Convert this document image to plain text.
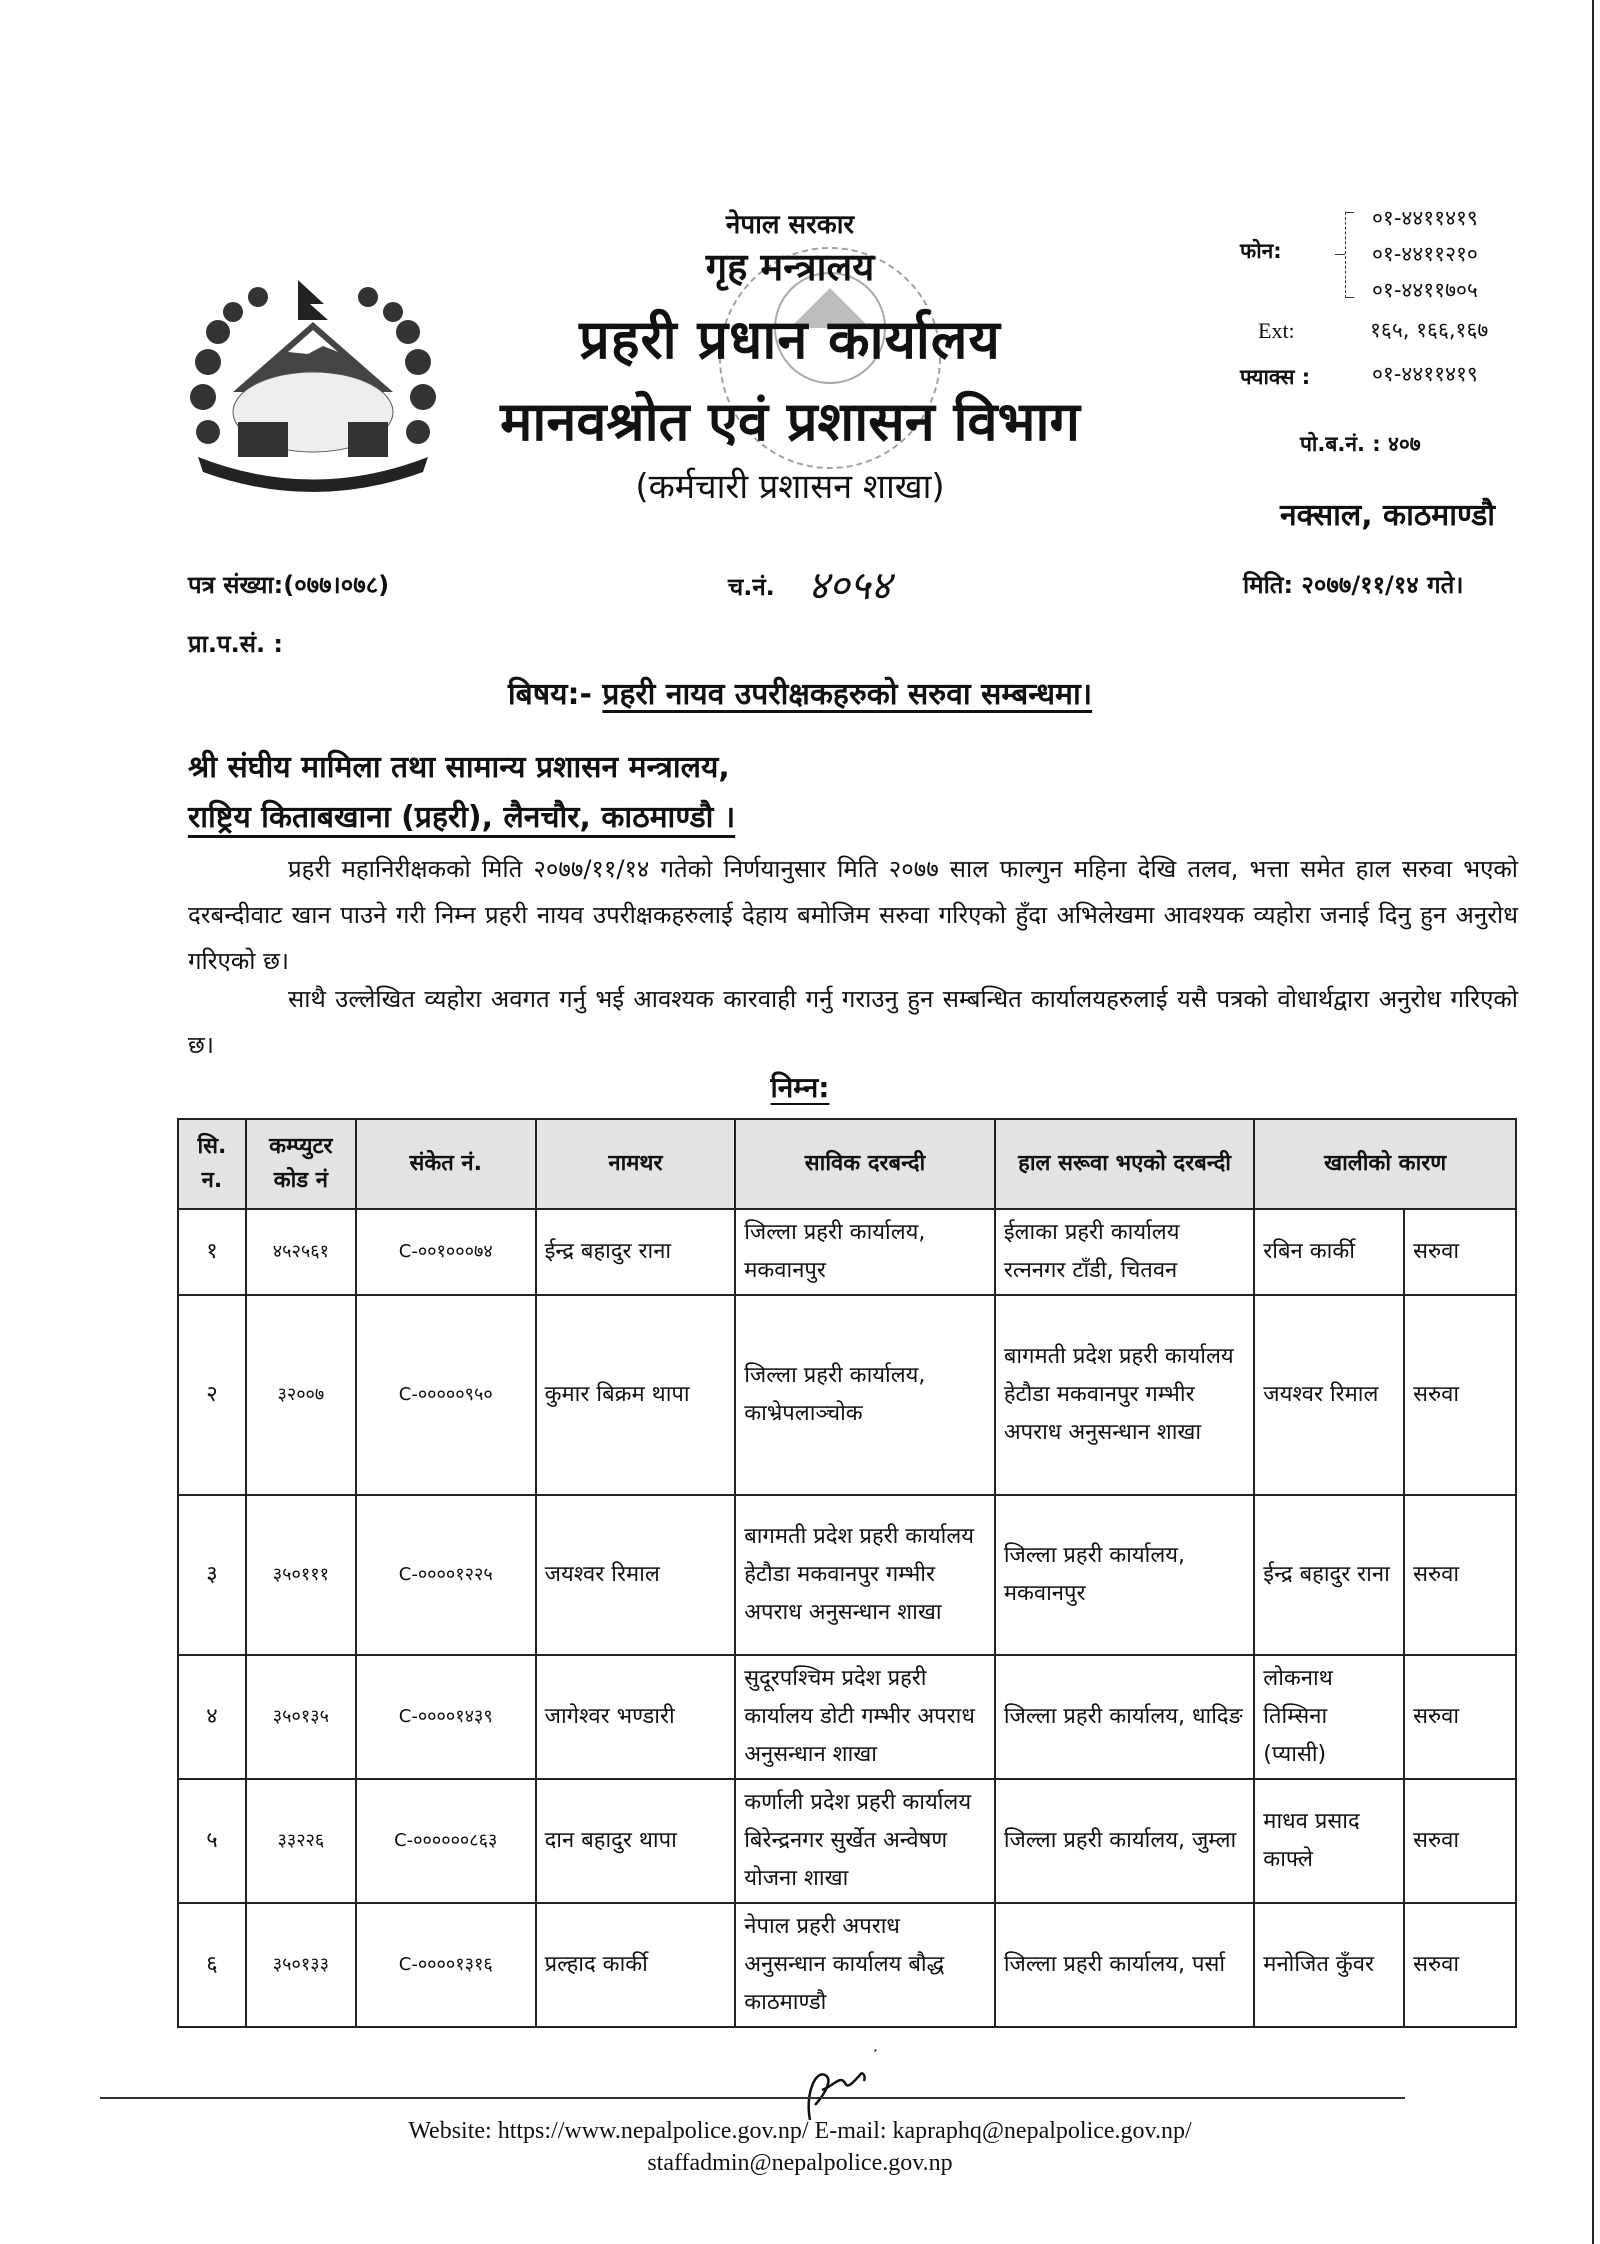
नेपाल सरकार
गृह मन्त्रालय
प्रहरी प्रधान कार्यालय
मानवश्रोत एवं प्रशासन विभाग
(कर्मचारी प्रशासन शाखा)
फोन:
०१-४४११४१९
०१-४४११२१०
०१-४४११७०५
Ext:	१६५, १६६,१६७
फ्याक्स :	०१-४४११४१९
पो.ब.नं. : ४०७
नक्साल, काठमाण्डौ
पत्र संख्या:(०७७।०७८)	च.नं. ४०५४	मिति: २०७७/११/१४ गते।
प्रा.प.सं. :
बिषय:- प्रहरी नायव उपरीक्षकहरुको सरुवा सम्बन्धमा।
श्री संघीय मामिला तथा सामान्य प्रशासन मन्त्रालय,
राष्ट्रिय किताबखाना (प्रहरी), लैनचौर, काठमाण्डौ ।
प्रहरी महानिरीक्षकको मिति २०७७/११/१४ गतेको निर्णयानुसार मिति २०७७ साल फाल्गुन महिना देखि तलव, भत्ता समेत हाल सरुवा भएको दरबन्दीवाट खान पाउने गरी निम्न प्रहरी नायव उपरीक्षकहरुलाई देहाय बमोजिम सरुवा गरिएको हुँदा अभिलेखमा आवश्यक व्यहोरा जनाई दिनु हुन अनुरोध गरिएको छ।
साथै उल्लेखित व्यहोरा अवगत गर्नु भई आवश्यक कारवाही गर्नु गराउनु हुन सम्बन्धित कार्यालयहरुलाई यसै पत्रको वोधार्थद्वारा अनुरोध गरिएको छ।
निम्न:
सि. न.	कम्प्युटर कोड नं	संकेत नं.	नामथर	साविक दरबन्दी	हाल सरूवा भएको दरबन्दी	खालीको कारण	
१	४५२५६१	C-००१०००७४	ईन्द्र बहादुर राना	जिल्ला प्रहरी कार्यालय, मकवानपुर	ईलाका प्रहरी कार्यालय रत्ननगर टाँडी, चितवन	रबिन कार्की	सरुवा
२	३२००७	C-०००००९५०	कुमार बिक्रम थापा	जिल्ला प्रहरी कार्यालय, काभ्रेपलाञ्चोक	बागमती प्रदेश प्रहरी कार्यालय हेटौडा मकवानपुर गम्भीर अपराध अनुसन्धान शाखा	जयश्वर रिमाल	सरुवा
३	३५०१११	C-००००१२२५	जयश्वर रिमाल	बागमती प्रदेश प्रहरी कार्यालय हेटौडा मकवानपुर गम्भीर अपराध अनुसन्धान शाखा	जिल्ला प्रहरी कार्यालय, मकवानपुर	ईन्द्र बहादुर राना	सरुवा
४	३५०१३५	C-००००१४३९	जागेश्वर भण्डारी	सुदूरपश्चिम प्रदेश प्रहरी कार्यालय डोटी गम्भीर अपराध अनुसन्धान शाखा	जिल्ला प्रहरी कार्यालय, धादिङ	लोकनाथ तिम्सिना (प्यासी)	सरुवा
५	३३२२६	C-००००००८६३	दान बहादुर थापा	कर्णाली प्रदेश प्रहरी कार्यालय बिरेन्द्रनगर सुर्खेत अन्वेषण योजना शाखा	जिल्ला प्रहरी कार्यालय, जुम्ला	माधव प्रसाद काफ्ले	सरुवा
६	३५०१३३	C-००००१३१६	प्रल्हाद कार्की	नेपाल प्रहरी अपराध अनुसन्धान कार्यालय बौद्ध काठमाण्डौ	जिल्ला प्रहरी कार्यालय, पर्सा	मनोजित कुँवर	सरुवा
Website: https://www.nepalpolice.gov.np/ E-mail: kapraphq@nepalpolice.gov.np/
staffadmin@nepalpolice.gov.np
